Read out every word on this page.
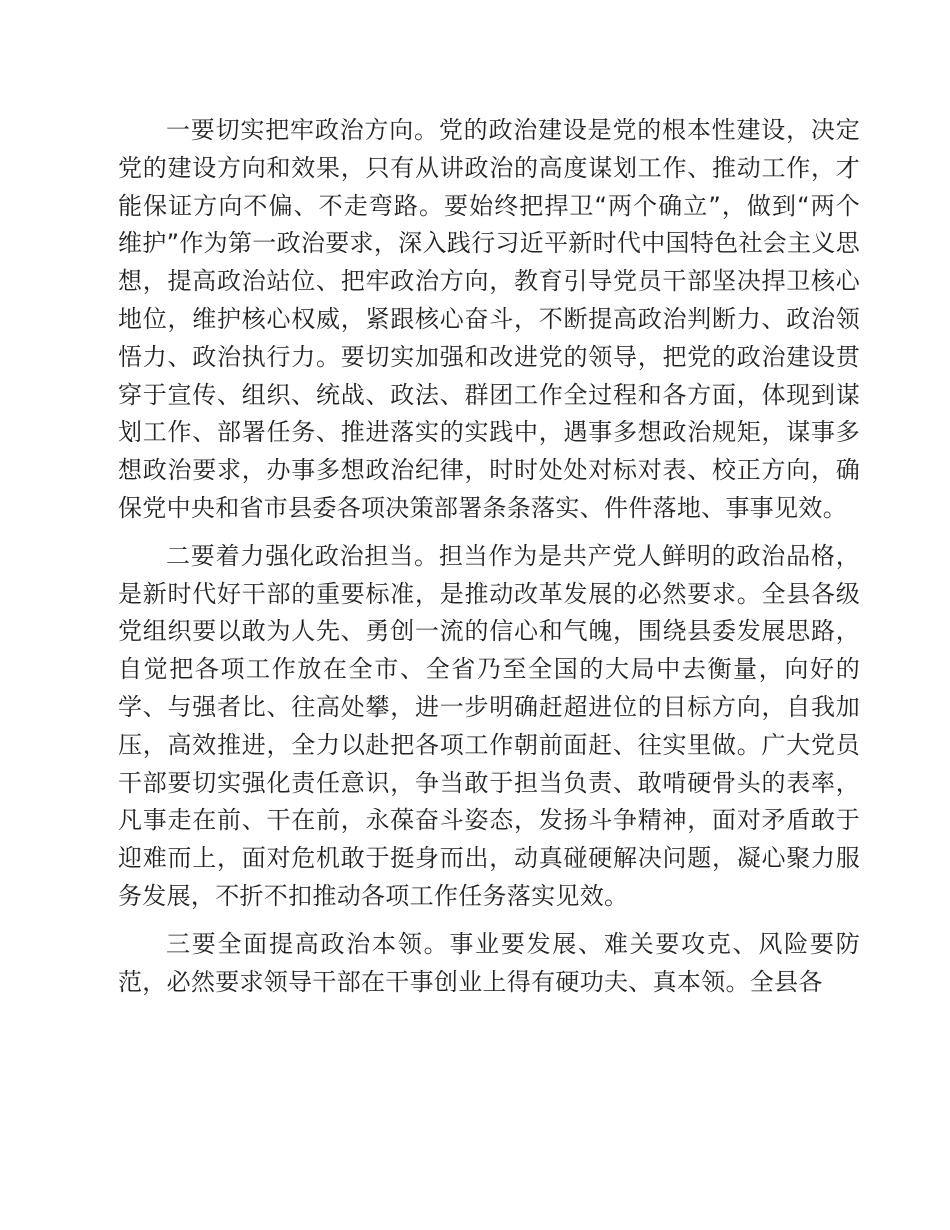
一要切实把牢政治方向。党的政治建设是党的根本性建设，决定党的建设方向和效果，只有从讲政治的高度谋划工作、推动工作，才能保证方向不偏、不走弯路。要始终把捍卫“两个确立”，做到“两个维护”作为第一政治要求，深入践行习近平新时代中国特色社会主义思想，提高政治站位、把牢政治方向，教育引导党员干部坚决捍卫核心地位，维护核心权威，紧跟核心奋斗，不断提高政治判断力、政治领悟力、政治执行力。要切实加强和改进党的领导，把党的政治建设贯穿于宣传、组织、统战、政法、群团工作全过程和各方面，体现到谋划工作、部署任务、推进落实的实践中，遇事多想政治规矩，谋事多想政治要求，办事多想政治纪律，时时处处对标对表、校正方向，确保党中央和省市县委各项决策部署条条落实、件件落地、事事见效。

二要着力强化政治担当。担当作为是共产党人鲜明的政治品格，是新时代好干部的重要标准，是推动改革发展的必然要求。全县各级党组织要以敢为人先、勇创一流的信心和气魄，围绕县委发展思路，自觉把各项工作放在全市、全省乃至全国的大局中去衡量，向好的学、与强者比、往高处攀，进一步明确赶超进位的目标方向，自我加压，高效推进，全力以赴把各项工作朝前面赶、往实里做。广大党员干部要切实强化责任意识，争当敢于担当负责、敢啃硬骨头的表率，凡事走在前、干在前，永葆奋斗姿态，发扬斗争精神，面对矛盾敢于迎难而上，面对危机敢于挺身而出，动真碰硬解决问题，凝心聚力服务发展，不折不扣推动各项工作任务落实见效。

三要全面提高政治本领。事业要发展、难关要攻克、风险要防范，必然要求领导干部在干事创业上得有硬功夫、真本领。全县各
